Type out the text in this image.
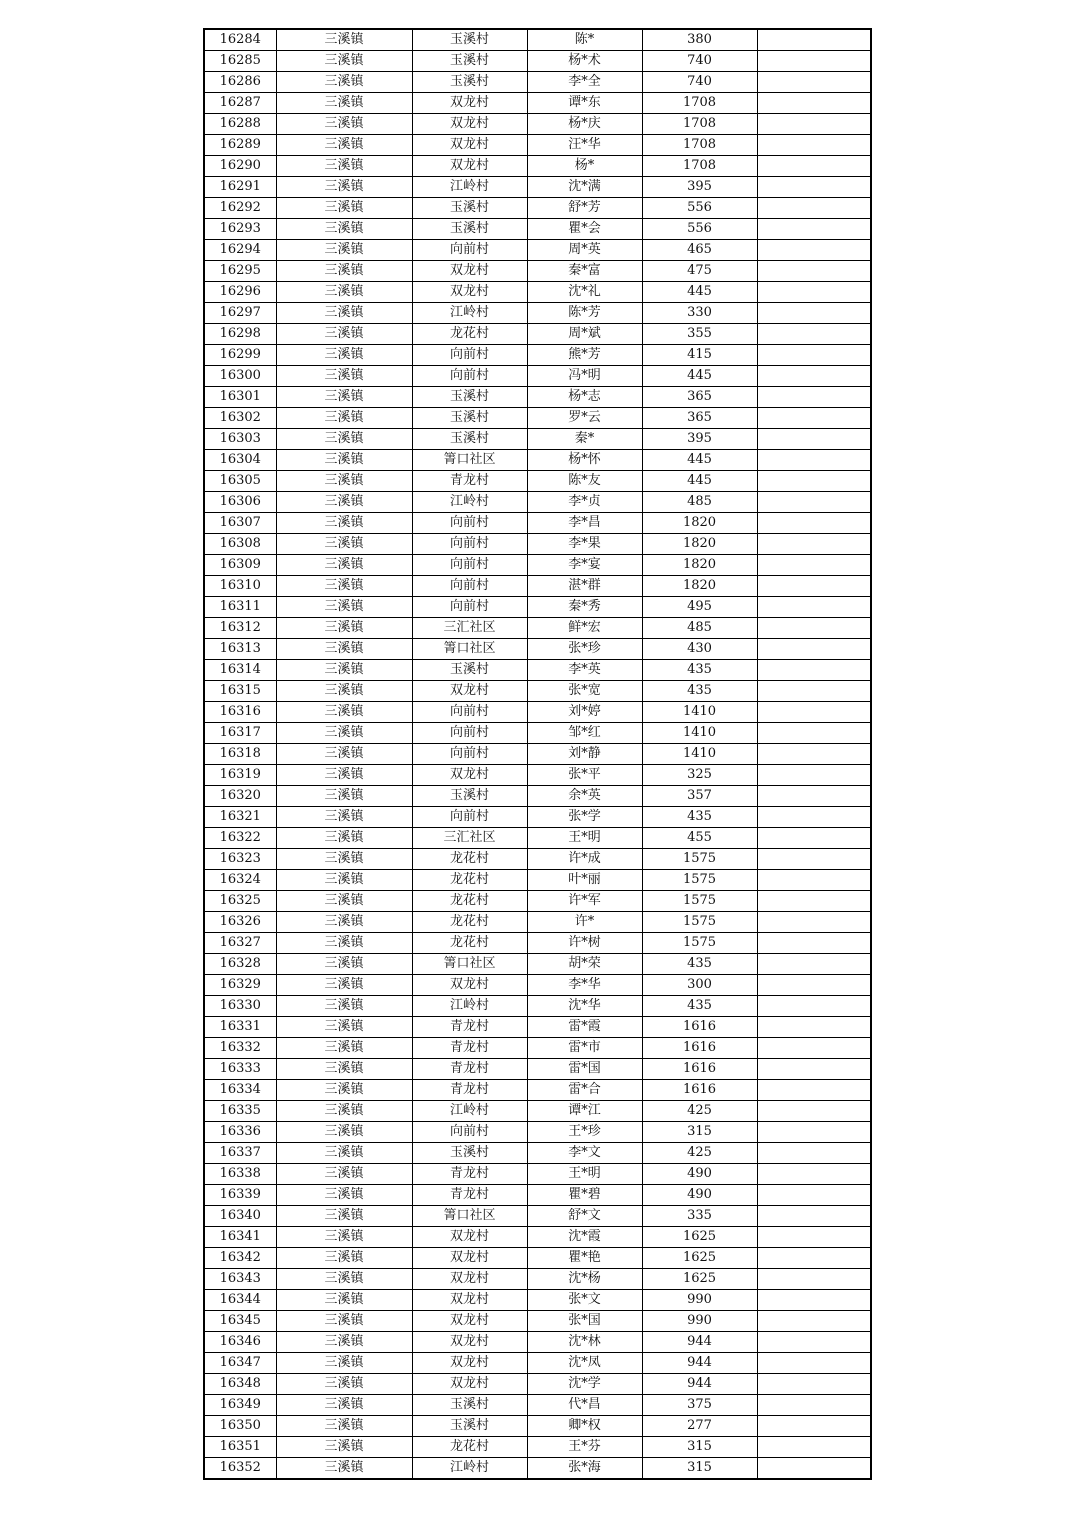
16284	三溪镇	玉溪村	陈*	380	
16285	三溪镇	玉溪村	杨*术	740	
16286	三溪镇	玉溪村	李*全	740	
16287	三溪镇	双龙村	谭*东	1708	
16288	三溪镇	双龙村	杨*庆	1708	
16289	三溪镇	双龙村	汪*华	1708	
16290	三溪镇	双龙村	杨*	1708	
16291	三溪镇	江岭村	沈*满	395	
16292	三溪镇	玉溪村	舒*芳	556	
16293	三溪镇	玉溪村	瞿*会	556	
16294	三溪镇	向前村	周*英	465	
16295	三溪镇	双龙村	秦*富	475	
16296	三溪镇	双龙村	沈*礼	445	
16297	三溪镇	江岭村	陈*芳	330	
16298	三溪镇	龙花村	周*斌	355	
16299	三溪镇	向前村	熊*芳	415	
16300	三溪镇	向前村	冯*明	445	
16301	三溪镇	玉溪村	杨*志	365	
16302	三溪镇	玉溪村	罗*云	365	
16303	三溪镇	玉溪村	秦*	395	
16304	三溪镇	箐口社区	杨*怀	445	
16305	三溪镇	青龙村	陈*友	445	
16306	三溪镇	江岭村	李*贞	485	
16307	三溪镇	向前村	李*昌	1820	
16308	三溪镇	向前村	李*果	1820	
16309	三溪镇	向前村	李*宴	1820	
16310	三溪镇	向前村	湛*群	1820	
16311	三溪镇	向前村	秦*秀	495	
16312	三溪镇	三汇社区	鲜*宏	485	
16313	三溪镇	箐口社区	张*珍	430	
16314	三溪镇	玉溪村	李*英	435	
16315	三溪镇	双龙村	张*宽	435	
16316	三溪镇	向前村	刘*婷	1410	
16317	三溪镇	向前村	邹*红	1410	
16318	三溪镇	向前村	刘*静	1410	
16319	三溪镇	双龙村	张*平	325	
16320	三溪镇	玉溪村	余*英	357	
16321	三溪镇	向前村	张*学	435	
16322	三溪镇	三汇社区	王*明	455	
16323	三溪镇	龙花村	许*成	1575	
16324	三溪镇	龙花村	叶*丽	1575	
16325	三溪镇	龙花村	许*军	1575	
16326	三溪镇	龙花村	许*	1575	
16327	三溪镇	龙花村	许*树	1575	
16328	三溪镇	箐口社区	胡*荣	435	
16329	三溪镇	双龙村	李*华	300	
16330	三溪镇	江岭村	沈*华	435	
16331	三溪镇	青龙村	雷*霞	1616	
16332	三溪镇	青龙村	雷*市	1616	
16333	三溪镇	青龙村	雷*国	1616	
16334	三溪镇	青龙村	雷*合	1616	
16335	三溪镇	江岭村	谭*江	425	
16336	三溪镇	向前村	王*珍	315	
16337	三溪镇	玉溪村	李*文	425	
16338	三溪镇	青龙村	王*明	490	
16339	三溪镇	青龙村	瞿*碧	490	
16340	三溪镇	箐口社区	舒*文	335	
16341	三溪镇	双龙村	沈*霞	1625	
16342	三溪镇	双龙村	瞿*艳	1625	
16343	三溪镇	双龙村	沈*杨	1625	
16344	三溪镇	双龙村	张*文	990	
16345	三溪镇	双龙村	张*国	990	
16346	三溪镇	双龙村	沈*林	944	
16347	三溪镇	双龙村	沈*凤	944	
16348	三溪镇	双龙村	沈*学	944	
16349	三溪镇	玉溪村	代*昌	375	
16350	三溪镇	玉溪村	卿*权	277	
16351	三溪镇	龙花村	王*芬	315	
16352	三溪镇	江岭村	张*海	315	
